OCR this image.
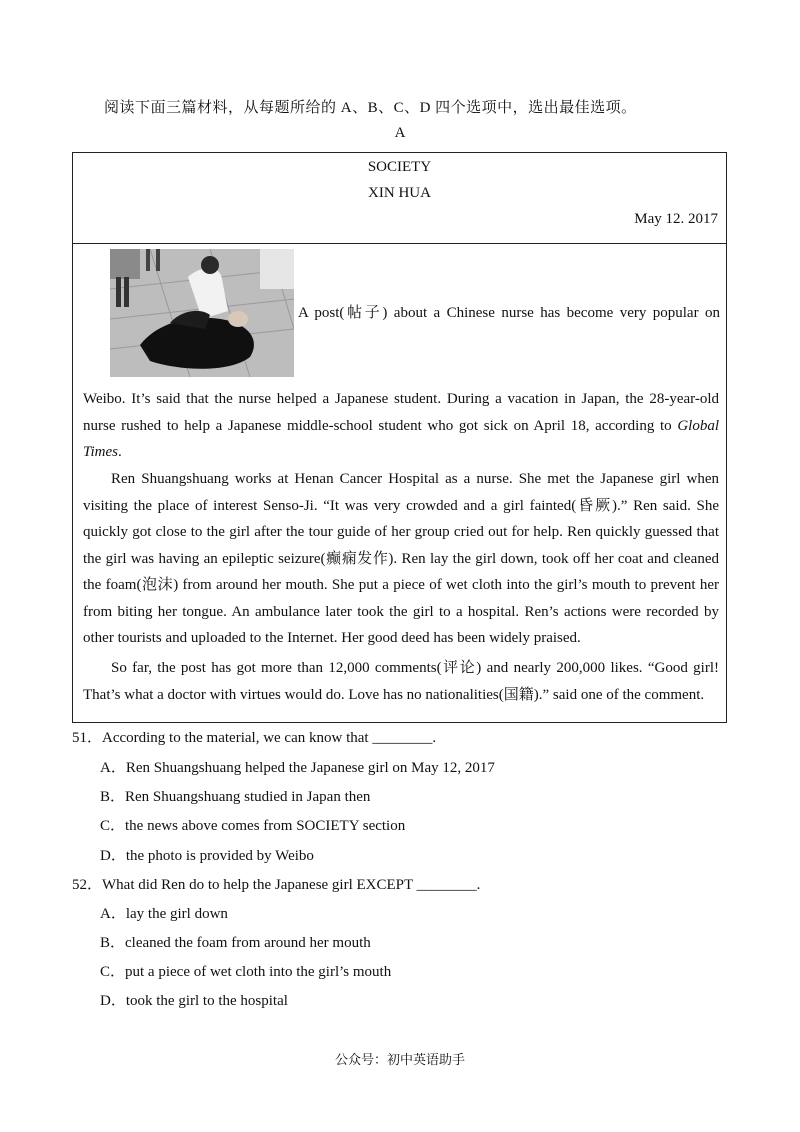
阅读下面三篇材料，从每题所给的 A、B、C、D 四个选项中，选出最佳选项。
A
SOCIETY
XIN HUA
May 12. 2017
A post(帖子) about a Chinese nurse has become very popular on
Weibo. It’s said that the nurse helped a Japanese student. During a vacation in Japan, the 28-year-old nurse rushed to help a Japanese middle-school student who got sick on April 18, according to Global Times.
Ren Shuangshuang works at Henan Cancer Hospital as a nurse. She met the Japanese girl when visiting the place of interest Senso-Ji. “It was very crowded and a girl fainted(昏厥).” Ren said. She quickly got close to the girl after the tour guide of her group cried out for help. Ren quickly guessed that the girl was having an epileptic seizure(癫痫发作). Ren lay the girl down, took off her coat and cleaned the foam(泡沫) from around her mouth. She put a piece of wet cloth into the girl’s mouth to prevent her from biting her tongue. An ambulance later took the girl to a hospital. Ren’s actions were recorded by other tourists and uploaded to the Internet. Her good deed has been widely praised.
So far, the post has got more than 12,000 comments(评论) and nearly 200,000 likes. “Good girl! That’s what a doctor with virtues would do. Love has no nationalities(国籍).” said one of the comment.
51．According to the material, we can know that ________.
A．Ren Shuangshuang helped the Japanese girl on May 12, 2017
B．Ren Shuangshuang studied in Japan then
C．the news above comes from SOCIETY section
D．the photo is provided by Weibo
52．What did Ren do to help the Japanese girl EXCEPT ________.
A．lay the girl down
B．cleaned the foam from around her mouth
C．put a piece of wet cloth into the girl’s mouth
D．took the girl to the hospital
公众号：初中英语助手
